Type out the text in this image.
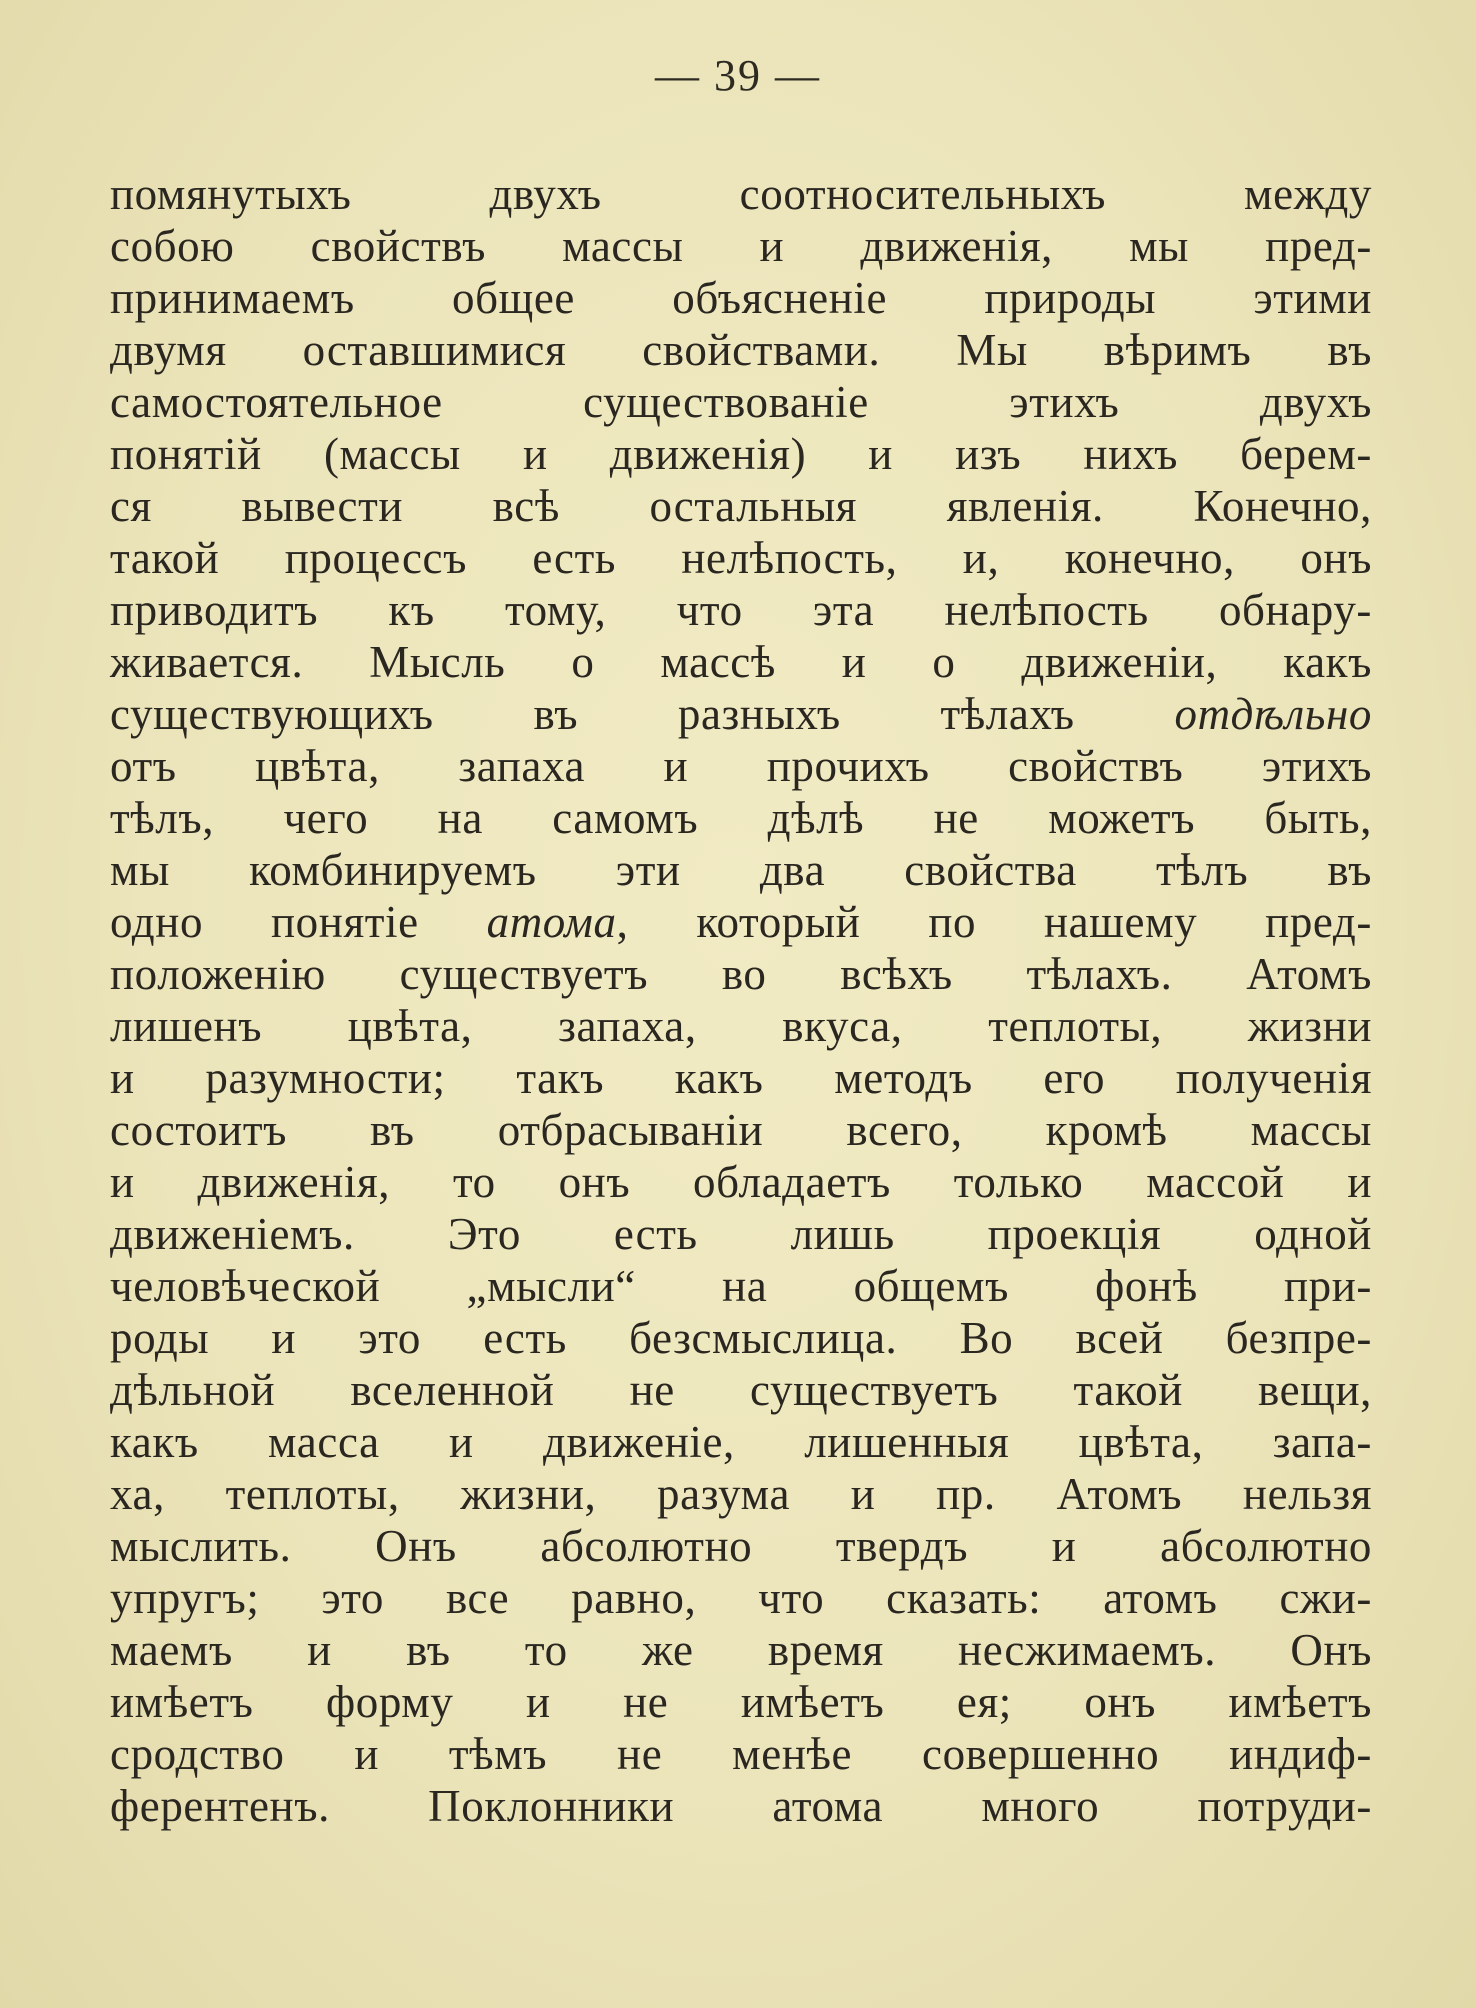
— 39 —
помянутыхъ двухъ соотносительныхъ между
собою свойствъ массы и движенія, мы пред-
принимаемъ общее объясненіе природы этими
двумя оставшимися свойствами. Мы вѣримъ въ
самостоятельное существованіе этихъ двухъ
понятій (массы и движенія) и изъ нихъ берем-
ся вывести всѣ остальныя явленія. Конечно,
такой процессъ есть нелѣпость, и, конечно, онъ
приводитъ къ тому, что эта нелѣпость обнару-
живается. Мысль о массѣ и о движеніи, какъ
существующихъ въ разныхъ тѣлахъ отдѣльно
отъ цвѣта, запаха и прочихъ свойствъ этихъ
тѣлъ, чего на самомъ дѣлѣ не можетъ быть,
мы комбинируемъ эти два свойства тѣлъ въ
одно понятіе атома, который по нашему пред-
положенію существуетъ во всѣхъ тѣлахъ. Атомъ
лишенъ цвѣта, запаха, вкуса, теплоты, жизни
и разумности; такъ какъ методъ его полученія
состоитъ въ отбрасываніи всего, кромѣ массы
и движенія, то онъ обладаетъ только массой и
движеніемъ. Это есть лишь проекція одной
человѣческой „мысли“ на общемъ фонѣ при-
роды и это есть безсмыслица. Во всей безпре-
дѣльной вселенной не существуетъ такой вещи,
какъ масса и движеніе, лишенныя цвѣта, запа-
ха, теплоты, жизни, разума и пр. Атомъ нельзя
мыслить. Онъ абсолютно твердъ и абсолютно
упругъ; это все равно, что сказать: атомъ сжи-
маемъ и въ то же время несжимаемъ. Онъ
имѣетъ форму и не имѣетъ ея; онъ имѣетъ
сродство и тѣмъ не менѣе совершенно индиф-
ферентенъ. Поклонники атома много потруди-
